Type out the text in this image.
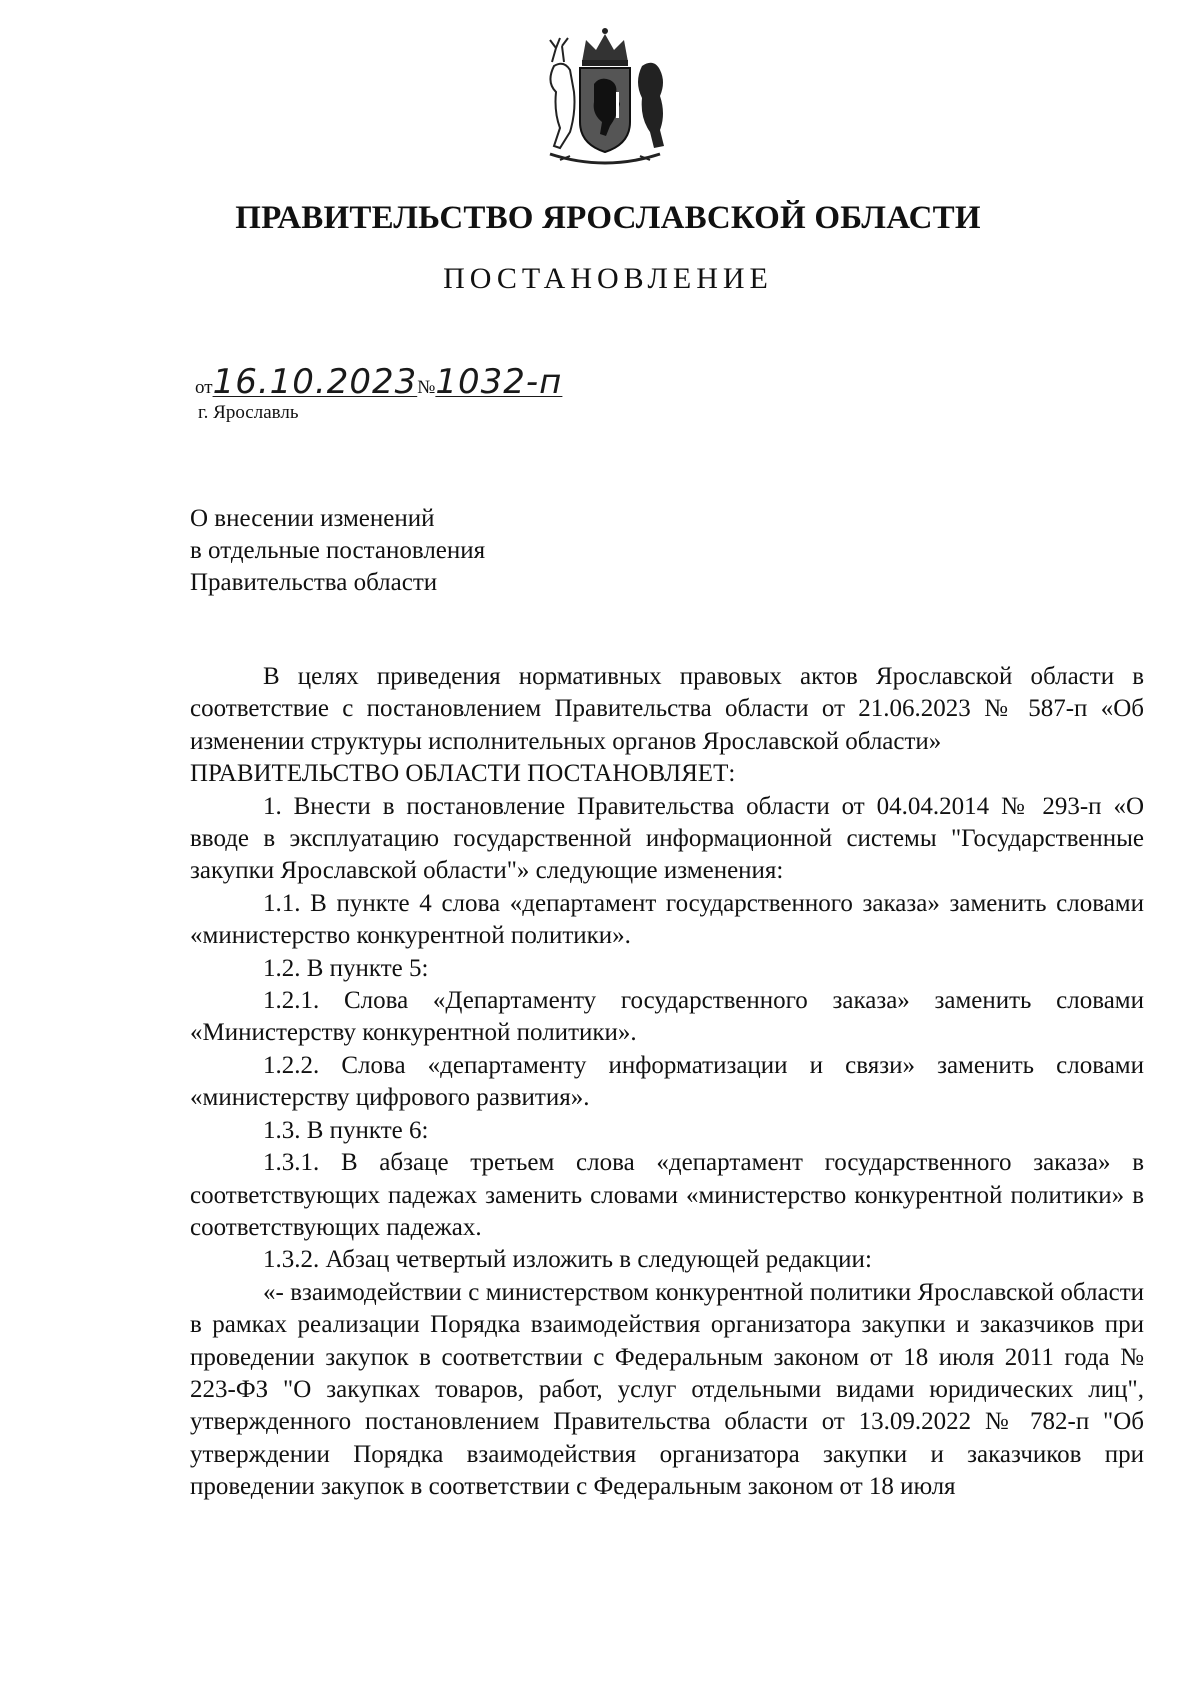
ПРАВИТЕЛЬСТВО ЯРОСЛАВСКОЙ ОБЛАСТИ
ПОСТАНОВЛЕНИЕ
от16.10.2023№1032-п
г. Ярославль
О внесении изменений
в отдельные постановления
Правительства области

В целях приведения нормативных правовых актов Ярославской области в соответствие с постановлением Правительства области от 21.06.2023 № 587-п «Об изменении структуры исполнительных органов Ярославской области»

ПРАВИТЕЛЬСТВО ОБЛАСТИ ПОСТАНОВЛЯЕТ:

1. Внести в постановление Правительства области от 04.04.2014 № 293-п «О вводе в эксплуатацию государственной информационной системы "Государственные закупки Ярославской области"» следующие изменения:

1.1. В пункте 4 слова «департамент государственного заказа» заменить словами «министерство конкурентной политики».

1.2. В пункте 5:

1.2.1. Слова «Департаменту государственного заказа» заменить словами «Министерству конкурентной политики».

1.2.2. Слова «департаменту информатизации и связи» заменить словами «министерству цифрового развития».

1.3. В пункте 6:

1.3.1. В абзаце третьем слова «департамент государственного заказа» в соответствующих падежах заменить словами «министерство конкурентной политики» в соответствующих падежах.

1.3.2. Абзац четвертый изложить в следующей редакции:

«- взаимодействии с министерством конкурентной политики Ярославской области в рамках реализации Порядка взаимодействия организатора закупки и заказчиков при проведении закупок в соответствии с Федеральным законом от 18 июля 2011 года № 223-ФЗ "О закупках товаров, работ, услуг отдельными видами юридических лиц", утвержденного постановлением Правительства области от 13.09.2022 № 782-п "Об утверждении Порядка взаимодействия организатора закупки и заказчиков при проведении закупок в соответствии с Федеральным законом от 18 июля
